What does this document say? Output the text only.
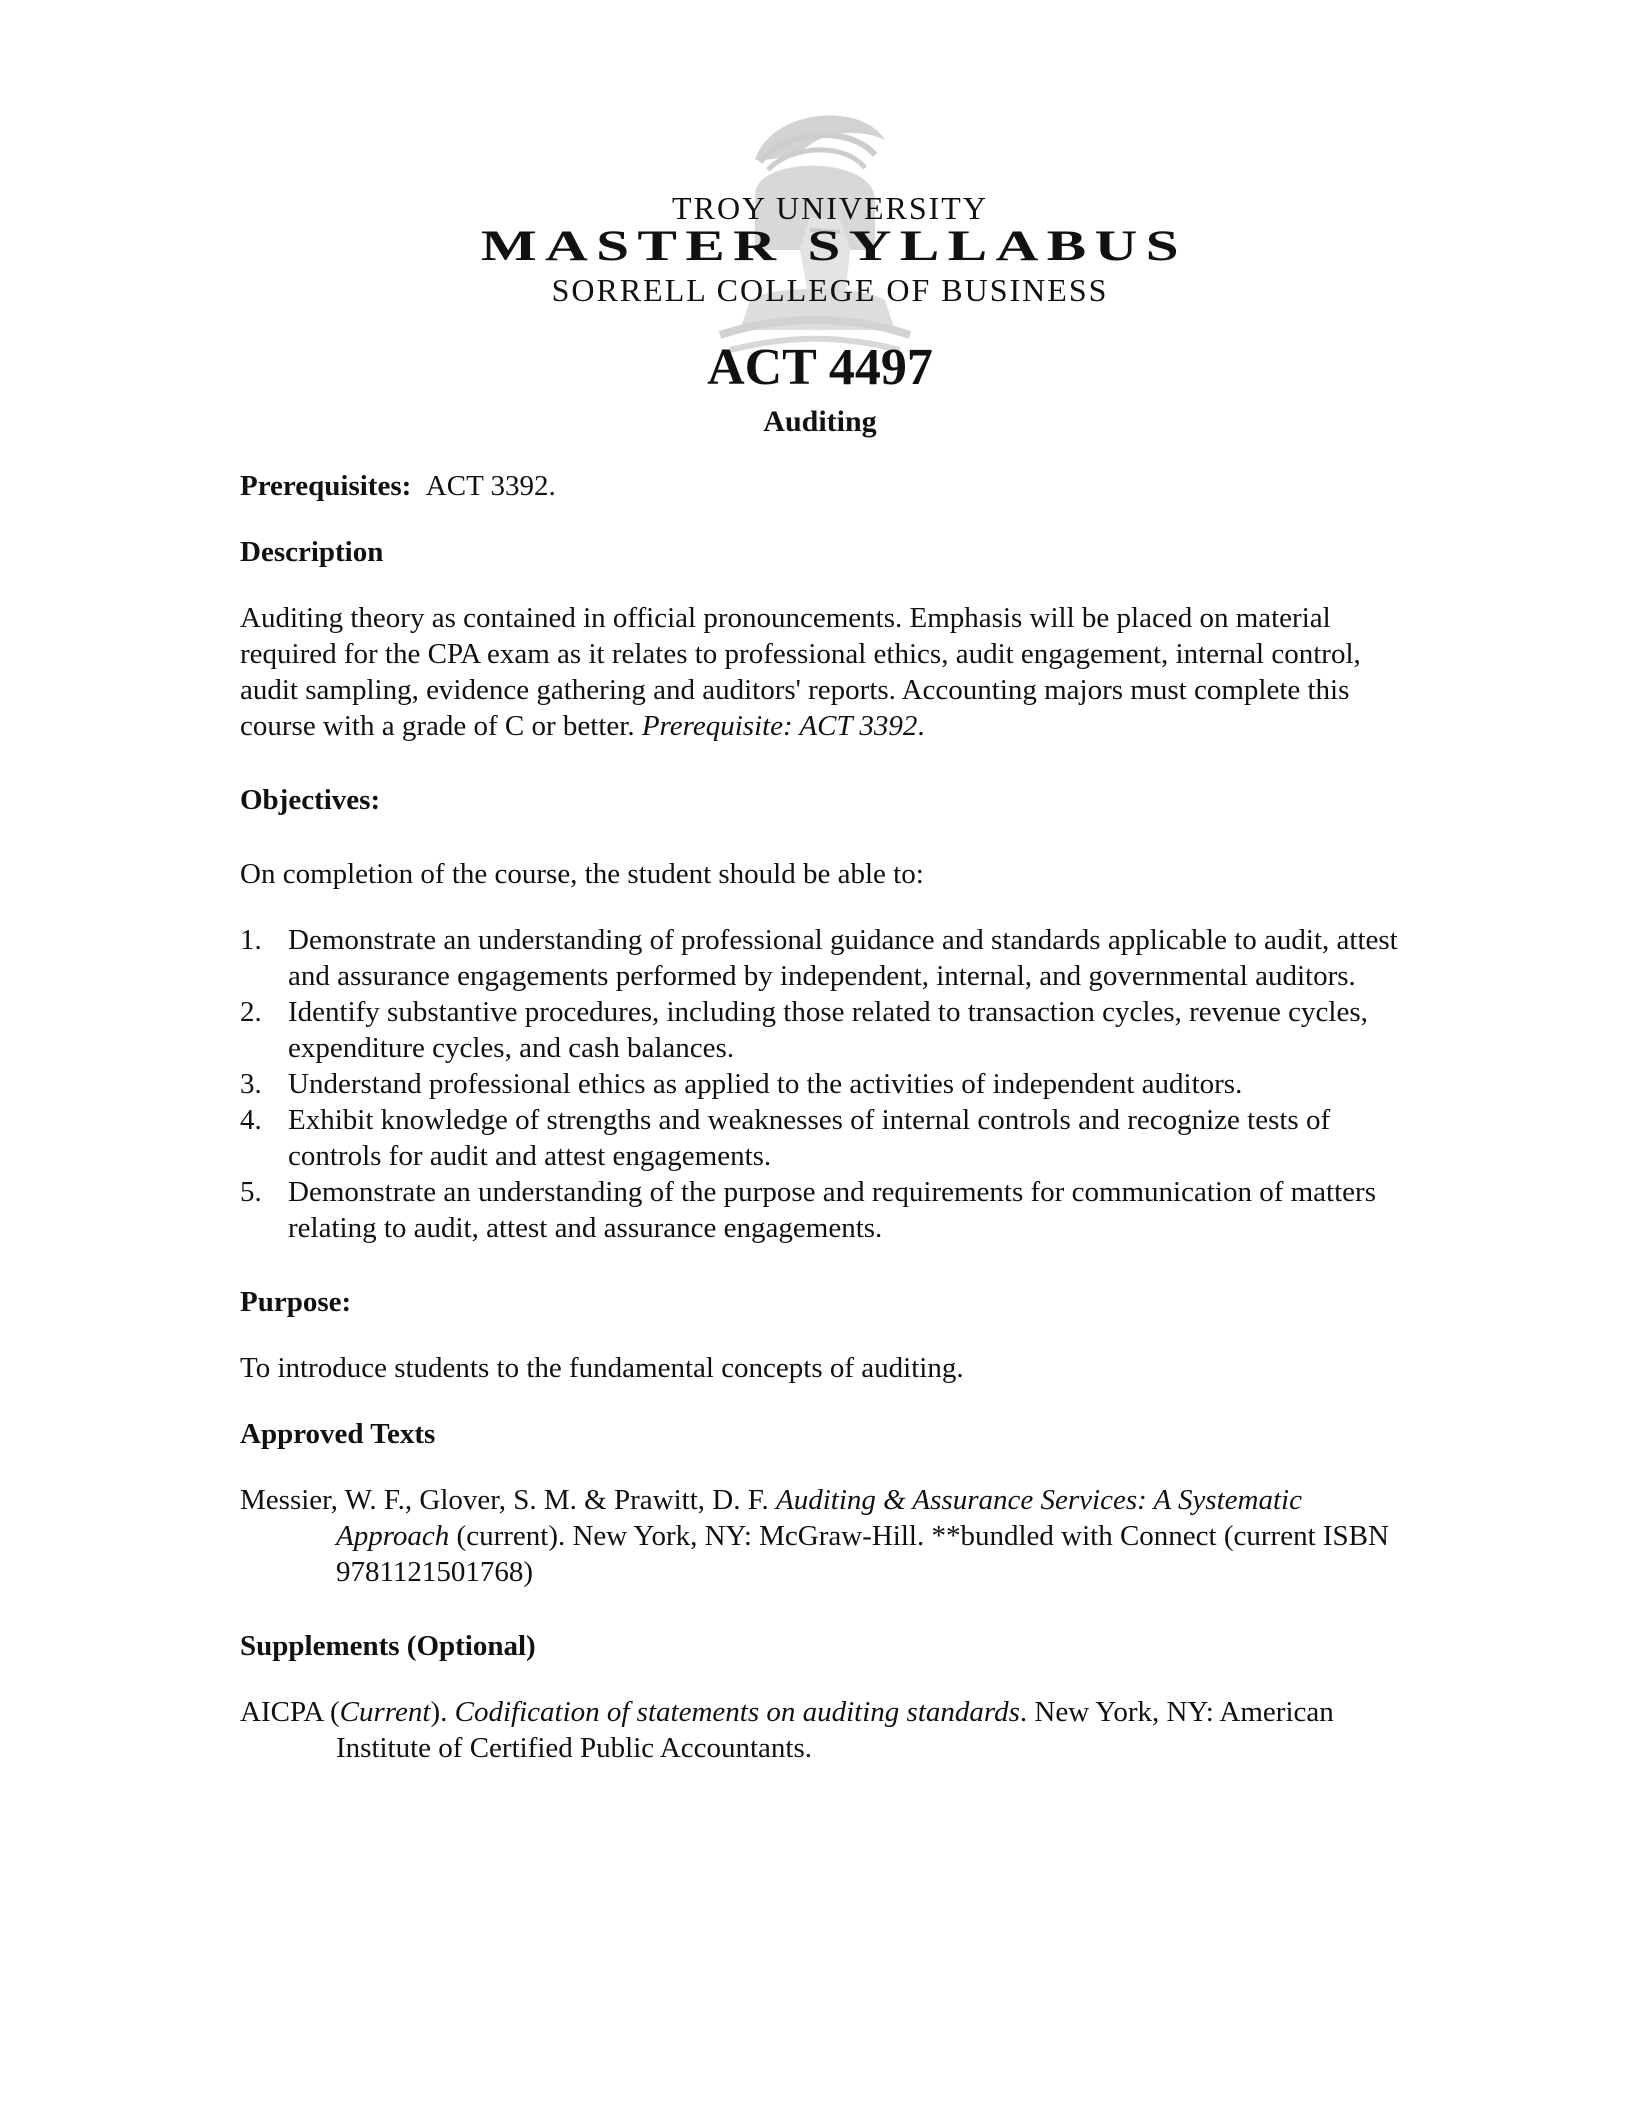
TROY UNIVERSITY
MASTER SYLLABUS
SORRELL COLLEGE OF BUSINESS
ACT 4497
Auditing

Prerequisites: ACT 3392.

Description

Auditing theory as contained in official pronouncements. Emphasis will be placed on material required for the CPA exam as it relates to professional ethics, audit engagement, internal control, audit sampling, evidence gathering and auditors' reports. Accounting majors must complete this course with a grade of C or better. Prerequisite: ACT 3392.

Objectives:

On completion of the course, the student should be able to:

1. Demonstrate an understanding of professional guidance and standards applicable to audit, attest and assurance engagements performed by independent, internal, and governmental auditors.
2. Identify substantive procedures, including those related to transaction cycles, revenue cycles, expenditure cycles, and cash balances.
3. Understand professional ethics as applied to the activities of independent auditors.
4. Exhibit knowledge of strengths and weaknesses of internal controls and recognize tests of controls for audit and attest engagements.
5. Demonstrate an understanding of the purpose and requirements for communication of matters relating to audit, attest and assurance engagements.

Purpose:

To introduce students to the fundamental concepts of auditing.

Approved Texts

Messier, W. F., Glover, S. M. & Prawitt, D. F. Auditing & Assurance Services: A Systematic Approach (current). New York, NY: McGraw-Hill. **bundled with Connect (current ISBN 9781121501768)

Supplements (Optional)

AICPA (Current). Codification of statements on auditing standards. New York, NY: American Institute of Certified Public Accountants.
